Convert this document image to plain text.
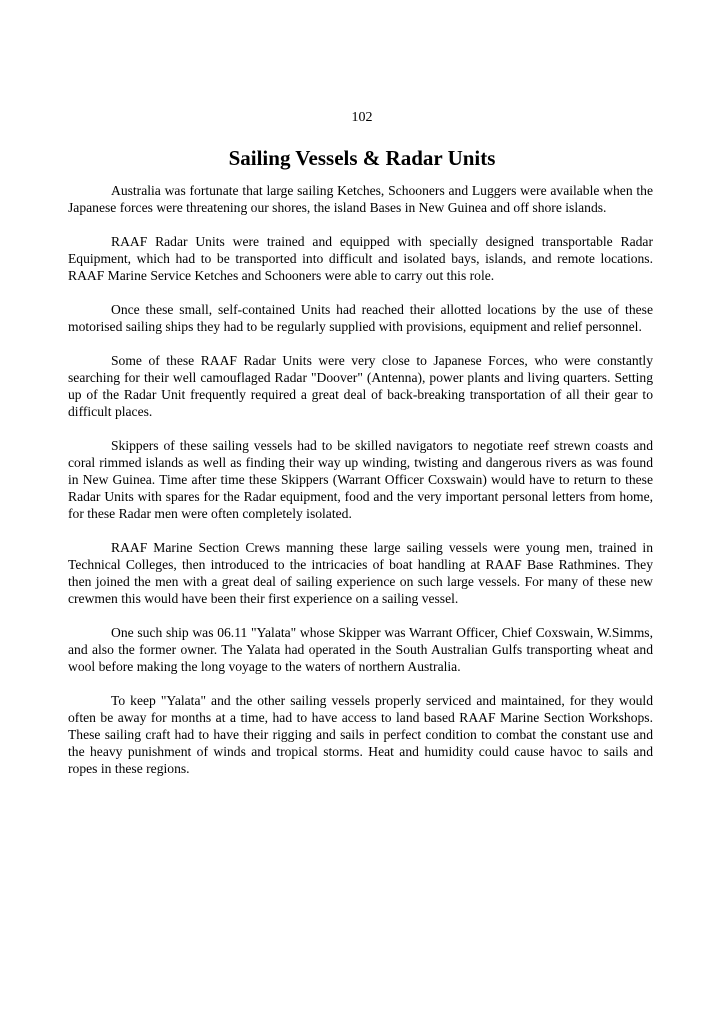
102
Sailing Vessels & Radar Units

Australia was fortunate that large sailing Ketches, Schooners and Luggers were available when the Japanese forces were threatening our shores, the island Bases in New Guinea and off shore islands.

RAAF Radar Units were trained and equipped with specially designed transportable Radar Equipment, which had to be transported into difficult and isolated bays, islands, and remote locations. RAAF Marine Service Ketches and Schooners were able to carry out this role.

Once these small, self-contained Units had reached their allotted locations by the use of these motorised sailing ships they had to be regularly supplied with provisions, equipment and relief personnel.

Some of these RAAF Radar Units were very close to Japanese Forces, who were constantly searching for their well camouflaged Radar "Doover" (Antenna), power plants and living quarters. Setting up of the Radar Unit frequently required a great deal of back-breaking transportation of all their gear to difficult places.

Skippers of these sailing vessels had to be skilled navigators to negotiate reef strewn coasts and coral rimmed islands as well as finding their way up winding, twisting and dangerous rivers as was found in New Guinea. Time after time these Skippers (Warrant Officer Coxswain) would have to return to these Radar Units with spares for the Radar equipment, food and the very important personal letters from home, for these Radar men were often completely isolated.

RAAF Marine Section Crews manning these large sailing vessels were young men, trained in Technical Colleges, then introduced to the intricacies of boat handling at RAAF Base Rathmines. They then joined the men with a great deal of sailing experience on such large vessels. For many of these new crewmen this would have been their first experience on a sailing vessel.

One such ship was 06.11 "Yalata" whose Skipper was Warrant Officer, Chief Coxswain, W.Simms, and also the former owner. The Yalata had operated in the South Australian Gulfs transporting wheat and wool before making the long voyage to the waters of northern Australia.

To keep "Yalata" and the other sailing vessels properly serviced and maintained, for they would often be away for months at a time, had to have access to land based RAAF Marine Section Workshops. These sailing craft had to have their rigging and sails in perfect condition to combat the constant use and the heavy punishment of winds and tropical storms. Heat and humidity could cause havoc to sails and ropes in these regions.
